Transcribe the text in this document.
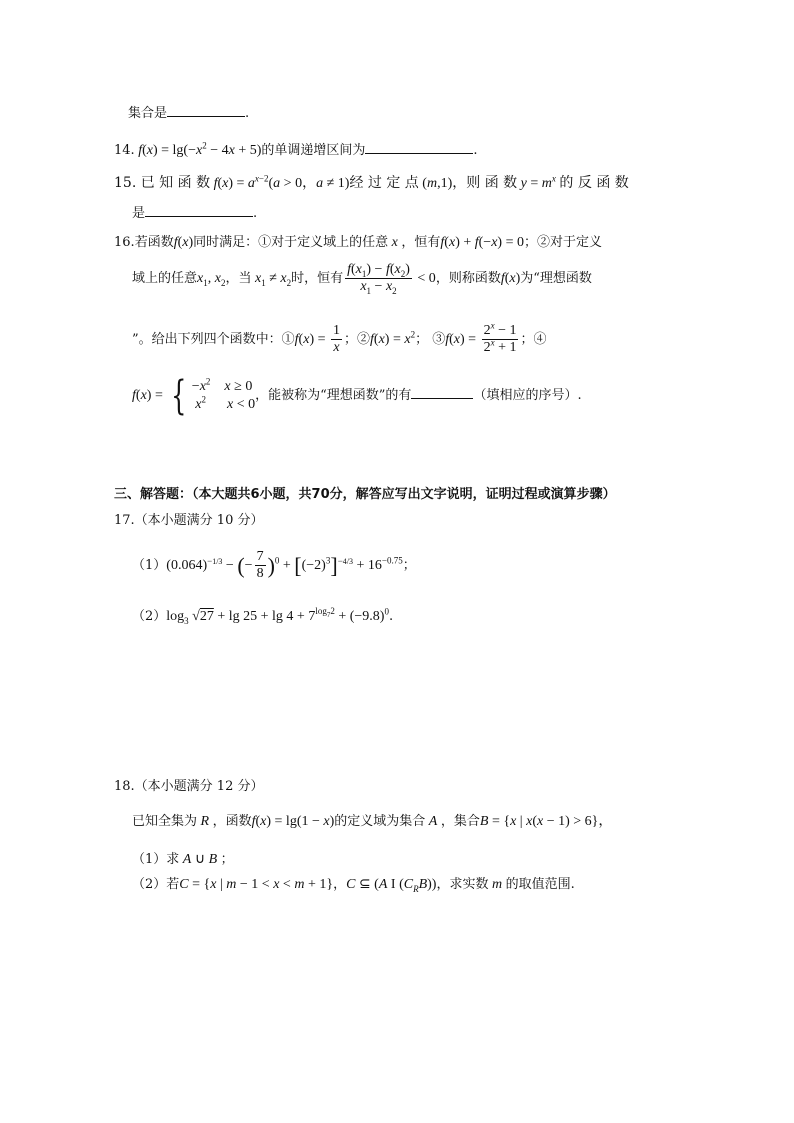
集合是	.
14. $f(x) = \lg(-x^2 - 4x + 5)$的单调递增区间为	.
15. 已 知 函 数 $f(x) = a^{x-2}(a > 0$，a ≠ 1)经 过 定 点 (m,1)，则 函 数 $y = m^x$ 的 反 函 数
是	.
16.若函数f(x)同时满足：①对于定义域上的任意 x ，恒有f(x) + f(−x) = 0；②对于定义
域上的任意$x_1$, $x_2$，当 $x_1 \ne x_2$时，恒有 $\frac{f(x_1) - f(x_2)}{x_1 - x_2} < 0$，则称函数f(x)为“理想函数
”。给出下列四个函数中：①f(x) = $\frac{1}{x}$ ；②f(x) = $x^2$； ③f(x) = $\frac{2^x - 1}{2^x + 1}$ ；④
f(x) = { $-x^2$ x ≥ 0
$x^2$ x < 0
，能被称为“理想函数”的有	（填相应的序号）.
三、解答题：（本大题共6小题，共70分，解答应写出文字说明，证明过程或演算步骤）
17.（本小题满分 10 分）
$(1)(0.064)^{-1/3}$ − (− $\frac{7}{8} )^0 + [(-2)^3]^{-4/3} + 16^{-0.75}$；
$(2)\log_3$ $√27 + \lg 25 + \lg 4 + 7^{log_72} + (-9.8)^0$.
18.（本小题满分 12 分）
已知全集为 R ，函数f(x) = lg(1 − x)的定义域为集合 A ，集合B = {x | x(x − 1) > 6}，
（1）求 A ∪ B ；
（2）若C = {x | m − 1 < x < m + 1}，C ⊆ (A I $(C_RB)$)，求实数 m 的取值范围.
